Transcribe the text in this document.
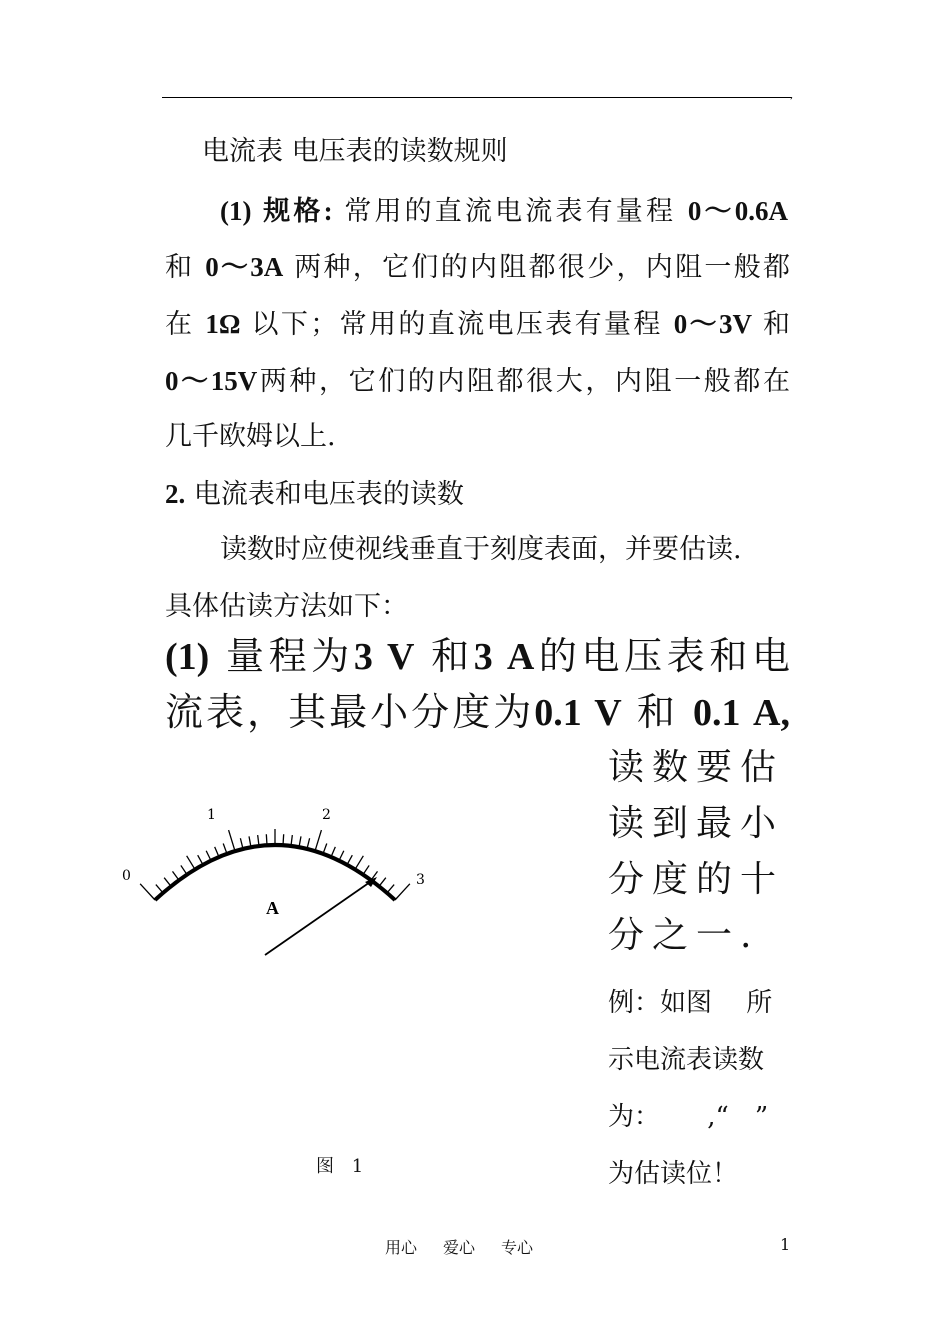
,
电流表 电压表的读数规则
(1) 规格: 常用的直流电流表有量程 0～0.6A
和 0～3A 两种，它们的内阻都很少，内阻一般都
在 1Ω 以下；常用的直流电压表有量程 0～3V 和
0～15V两种，它们的内阻都很大，内阻一般都在
几千欧姆以上.
2. 电流表和电压表的读数
读数时应使视线垂直于刻度表面，并要估读.
具体估读方法如下：
(1) 量程为3 V 和3 A的电压表和电
流表，其最小分度为0.1 V 和 0.1 A,
读数要估
读到最小
分度的十
分之一.
例：如图　 所
示电流表读数
为：　　 ,“　”
为估读位！
0
1	2
3
A
图 1
用心 爱心 专心	1
